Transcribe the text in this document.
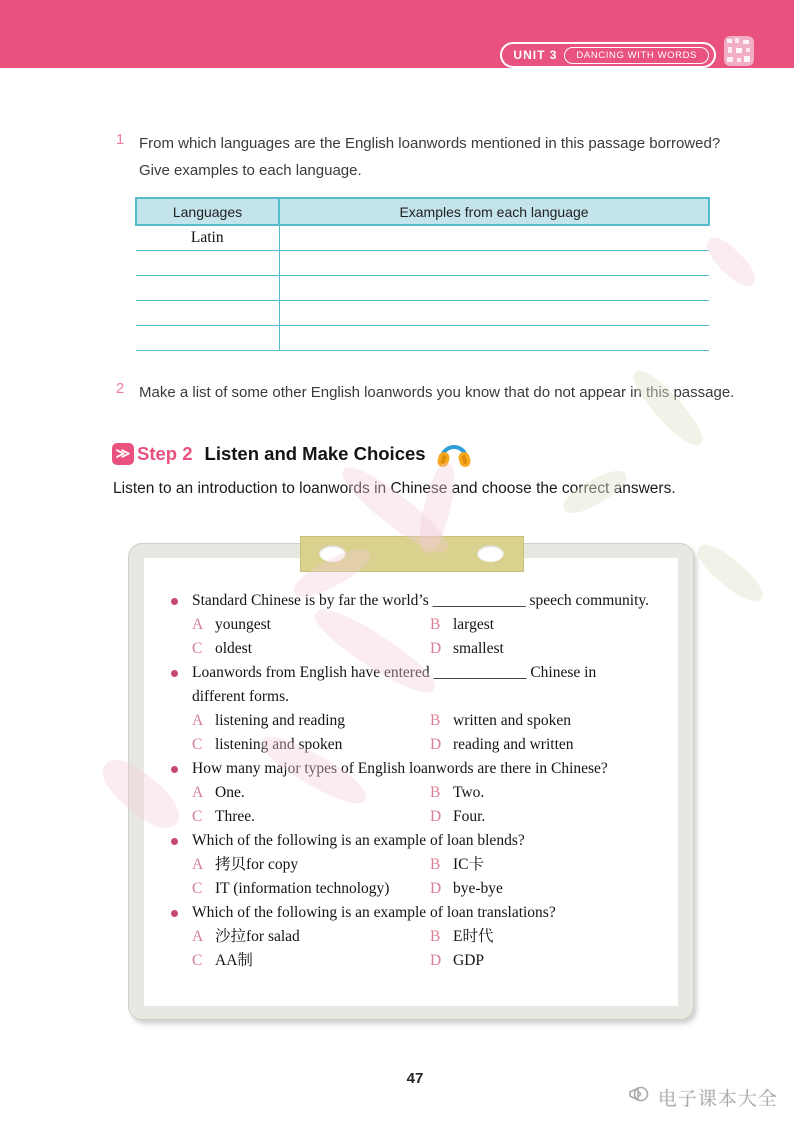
UNIT 3	DANCING WITH WORDS
1 From which languages are the English loanwords mentioned in this passage borrowed? Give examples to each language.
Languages	Examples from each language
Latin	

2 Make a list of some other English loanwords you know that do not appear in this passage.
≫ Step 2 Listen and Make Choices
Listen to an introduction to loanwords in Chinese and choose the correct answers.
Standard Chinese is by far the world’s ____________ speech community.
A youngest	B largest
C oldest	D smallest
Loanwords from English have entered ____________ Chinese in different forms.
A listening and reading	B written and spoken
C listening and spoken	D reading and written
How many major types of English loanwords are there in Chinese?
A One.	B Two.
C Three.	D Four.
Which of the following is an example of loan blends?
A 拷贝for copy	B IC卡
C IT (information technology)	D bye-bye
Which of the following is an example of loan translations?
A 沙拉for salad	B E时代
C AA制	D GDP
47
电子课本大全
